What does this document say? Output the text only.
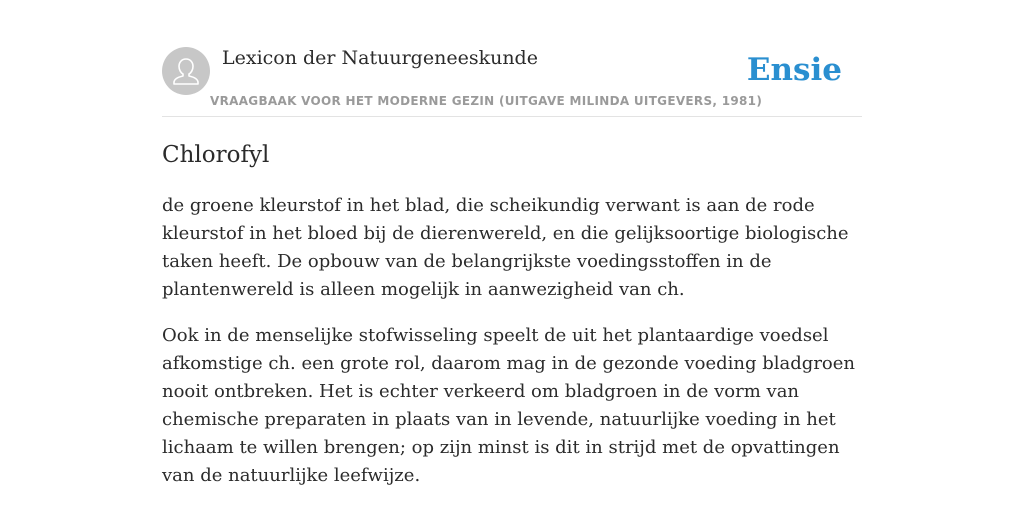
Lexicon der Natuurgeneeskunde
VRAAGBAAK VOOR HET MODERNE GEZIN (UITGAVE MILINDA UITGEVERS, 1981)
Ensie
Chlorofyl

de groene kleurstof in het blad, die scheikundig verwant is aan de rode kleurstof in het bloed bij de dierenwereld, en die gelijksoortige biologische taken heeft. De opbouw van de belangrijkste voedingsstoffen in de plantenwereld is alleen mogelijk in aanwezigheid van ch.

Ook in de menselijke stofwisseling speelt de uit het plantaardige voedsel afkomstige ch. een grote rol, daarom mag in de gezonde voeding bladgroen nooit ontbreken. Het is echter verkeerd om bladgroen in de vorm van chemische preparaten in plaats van in levende, natuurlijke voeding in het lichaam te willen brengen; op zijn minst is dit in strijd met de opvattingen van de natuurlijke leefwijze.
